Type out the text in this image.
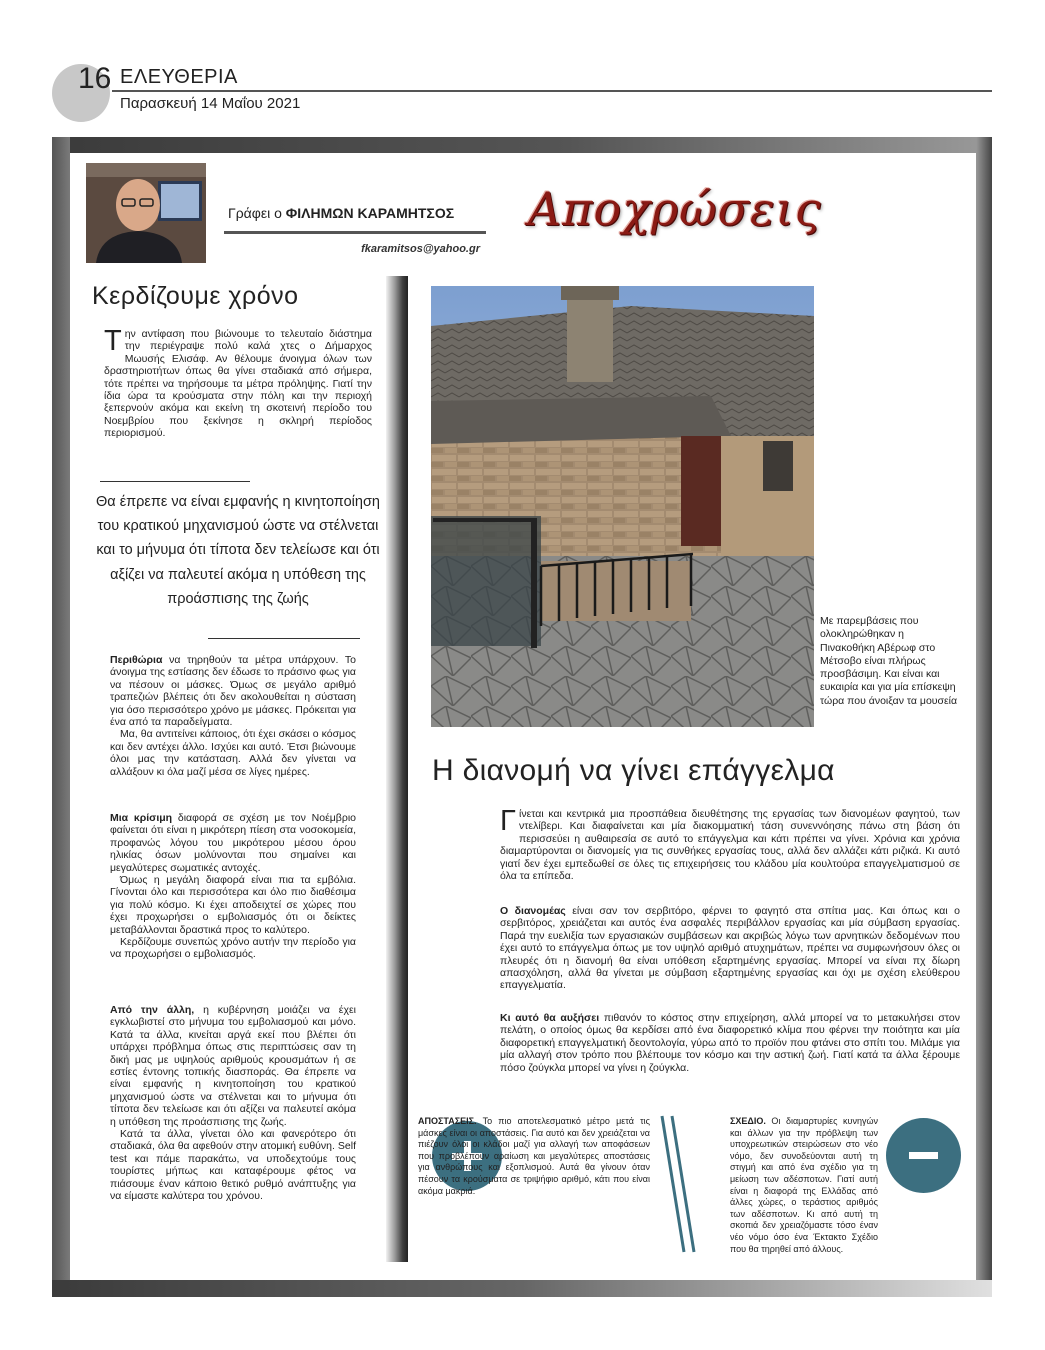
16 ΕΛΕΥΘΕΡΙΑ
Παρασκευή 14 Μαΐου 2021
Γράφει ο ΦΙΛΗΜΩΝ ΚΑΡΑΜΗΤΣΟΣ
fkaramitsos@yahoo.gr
Αποχρώσεις
Κερδίζουμε χρόνο
Την αντίφαση που βιώνουμε το τελευταίο διάστημα την περιέγραψε πολύ καλά χτες ο Δήμαρχος Μωυσής Ελισάφ. Αν θέλουμε άνοιγμα όλων των δραστηριοτήτων όπως θα γίνει σταδιακά από σήμερα, τότε πρέπει να τηρήσουμε τα μέτρα πρόληψης. Γιατί την ίδια ώρα τα κρούσματα στην πόλη και την περιοχή ξεπερνούν ακόμα και εκείνη τη σκοτεινή περίοδο του Νοεμβρίου που ξεκίνησε η σκληρή περίοδος περιορισμού.
Θα έπρεπε να είναι εμφανής η κινητοποίηση του κρατικού μηχανισμού ώστε να στέλνεται και το μήνυμα ότι τίποτα δεν τελείωσε και ότι αξίζει να παλευτεί ακόμα η υπόθεση της προάσπισης της ζωής

Περιθώρια να τηρηθούν τα μέτρα υπάρχουν. Το άνοιγμα της εστίασης δεν έδωσε το πράσινο φως για να πέσουν οι μάσκες. Όμως σε μεγάλο αριθμό τραπεζιών βλέπεις ότι δεν ακολουθείται η σύσταση για όσο περισσότερο χρόνο με μάσκες. Πρόκειται για ένα από τα παραδείγματα.

Μα, θα αντιτείνει κάποιος, ότι έχει σκάσει ο κόσμος και δεν αντέχει άλλο. Ισχύει και αυτό. Έτσι βιώνουμε όλοι μας την κατάσταση. Αλλά δεν γίνεται να αλλάξουν κι όλα μαζί μέσα σε λίγες ημέρες.

Μια κρίσιμη διαφορά σε σχέση με τον Νοέμβριο φαίνεται ότι είναι η μικρότερη πίεση στα νοσοκομεία, προφανώς λόγου του μικρότερου μέσου όρου ηλικίας όσων μολύνονται που σημαίνει και μεγαλύτερες σωματικές αντοχές.

Όμως η μεγάλη διαφορά είναι πια τα εμβόλια. Γίνονται όλο και περισσότερα και όλο πιο διαθέσιμα για πολύ κόσμο. Κι έχει αποδειχτεί σε χώρες που έχει προχωρήσει ο εμβολιασμός ότι οι δείκτες μεταβάλλονται δραστικά προς το καλύτερο.

Κερδίζουμε συνεπώς χρόνο αυτήν την περίοδο για να προχωρήσει ο εμβολιασμός.

Από την άλλη, η κυβέρνηση μοιάζει να έχει εγκλωβιστεί στο μήνυμα του εμβολιασμού και μόνο. Κατά τα άλλα, κινείται αργά εκεί που βλέπει ότι υπάρχει πρόβλημα όπως στις περιπτώσεις σαν τη δική μας με υψηλούς αριθμούς κρουσμάτων ή σε εστίες έντονης τοπικής διασποράς. Θα έπρεπε να είναι εμφανής η κινητοποίηση του κρατικού μηχανισμού ώστε να στέλνεται και το μήνυμα ότι τίποτα δεν τελείωσε και ότι αξίζει να παλευτεί ακόμα η υπόθεση της προάσπισης της ζωής.

Κατά τα άλλα, γίνεται όλο και φανερότερο ότι σταδιακά, όλα θα αφεθούν στην ατομική ευθύνη. Self test και πάμε παρακάτω, να υποδεχτούμε τους τουρίστες μήπως και καταφέρουμε φέτος να πιάσουμε έναν κάποιο θετικό ρυθμό ανάπτυξης για να είμαστε καλύτερα του χρόνου.

Με παρεμβάσεις που ολοκληρώθηκαν η Πινακοθήκη Αβέρωφ στο Μέτσοβο είναι πλήρως προσβάσιμη. Και είναι και ευκαιρία και για μία επίσκεψη τώρα που άνοιξαν τα μουσεία
Η διανομή να γίνει επάγγελμα
Γίνεται και κεντρικά μια προσπάθεια διευθέτησης της εργασίας των διανομέων φαγητού, των ντελίβερι. Και διαφαίνεται και μία διακομματική τάση συνεννόησης πάνω στη βάση ότι περισσεύει η αυθαιρεσία σε αυτό το επάγγελμα και κάτι πρέπει να γίνει. Χρόνια και χρόνια διαμαρτύρονται οι διανομείς για τις συνθήκες εργασίας τους, αλλά δεν αλλάζει κάτι ριζικά. Κι αυτό γιατί δεν έχει εμπεδωθεί σε όλες τις επιχειρήσεις του κλάδου μία κουλτούρα επαγγελματισμού σε όλα τα επίπεδα.

Ο διανομέας είναι σαν τον σερβιτόρο, φέρνει το φαγητό στα σπίτια μας. Και όπως και ο σερβιτόρος, χρειάζεται και αυτός ένα ασφαλές περιβάλλον εργασίας και μία σύμβαση εργασίας. Παρά την ευελιξία των εργασιακών συμβάσεων και ακριβώς λόγω των αρνητικών δεδομένων που έχει αυτό το επάγγελμα όπως με τον υψηλό αριθμό ατυχημάτων, πρέπει να συμφωνήσουν όλες οι πλευρές ότι η διανομή θα είναι υπόθεση εξαρτημένης εργασίας. Μπορεί να είναι πχ δίωρη απασχόληση, αλλά θα γίνεται με σύμβαση εξαρτημένης εργασίας και όχι με σχέση ελεύθερου επαγγελματία.

Κι αυτό θα αυξήσει πιθανόν το κόστος στην επιχείρηση, αλλά μπορεί να το μετακυλήσει στον πελάτη, ο οποίος όμως θα κερδίσει από ένα διαφορετικό κλίμα που φέρνει την ποιότητα και μία διαφορετική επαγγελματική δεοντολογία, γύρω από το προϊόν που φτάνει στο σπίτι του. Μιλάμε για μία αλλαγή στον τρόπο που βλέπουμε τον κόσμο και την αστική ζωή. Γιατί κατά τα άλλα ξέρουμε πόσο ζούγκλα μπορεί να γίνει η ζούγκλα.

ΑΠΟΣΤΑΣΕΙΣ. Το πιο αποτελεσματικό μέτρο μετά τις μάσκες είναι οι αποστάσεις. Για αυτό και δεν χρειάζεται να πιέζουν όλοι οι κλάδοι μαζί για αλλαγή των αποφάσεων που προβλέπουν αραίωση και μεγαλύτερες αποστάσεις για ανθρώπους και εξοπλισμού. Αυτά θα γίνουν όταν πέσουν τα κρούσματα σε τριψήφιο αριθμό, κάτι που είναι ακόμα μακριά.
ΣΧΕΔΙΟ. Οι διαμαρτυρίες κυνηγών και άλλων για την πρόβλεψη των υποχρεωτικών στειρώσεων στο νέο νόμο, δεν συνοδεύονται αυτή τη στιγμή και από ένα σχέδιο για τη μείωση των αδέσποτων. Γιατί αυτή είναι η διαφορά της Ελλάδας από άλλες χώρες, ο τεράστιος αριθμός των αδέσποτων. Κι από αυτή τη σκοπιά δεν χρειαζόμαστε τόσο έναν νέο νόμο όσο ένα Έκτακτο Σχέδιο που θα τηρηθεί από άλλους.
